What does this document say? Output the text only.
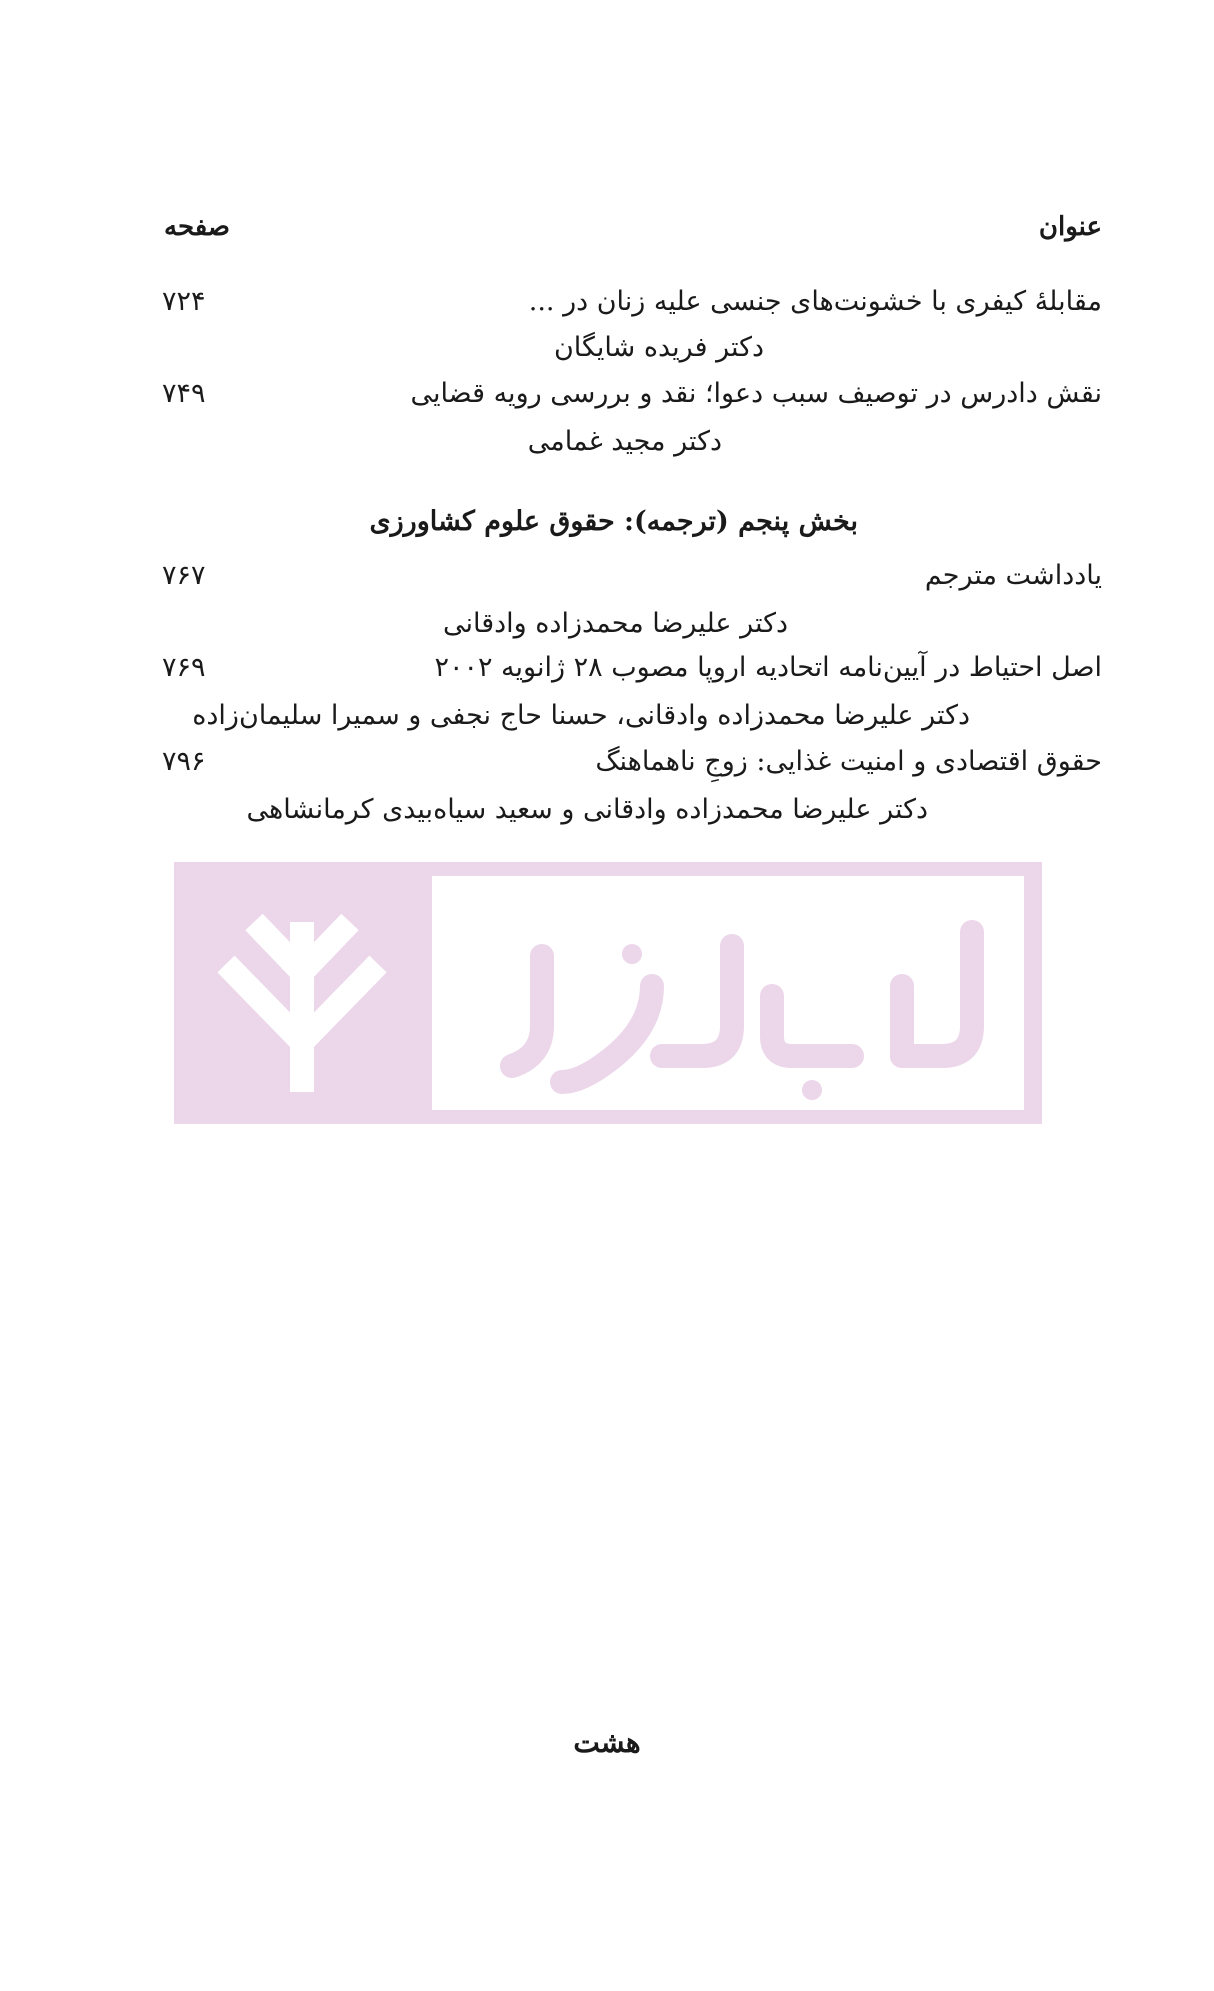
عنوان
صفحه
مقابلۀ کیفری با خشونت‌های جنسی علیه زنان در ...
۷۲۴
دکتر فریده شایگان
نقش دادرس در توصیف سبب دعوا؛ نقد و بررسی رویه قضایی
۷۴۹
دکتر مجید غمامی
بخش پنجم (ترجمه): حقوق علوم کشاورزی
یادداشت مترجم
۷۶۷
دکتر علیرضا محمدزاده وادقانی
اصل احتیاط در آیین‌نامه اتحادیه اروپا مصوب ۲۸ ژانویه ۲۰۰۲
۷۶۹
دکتر علیرضا محمدزاده وادقانی، حسنا حاج نجفی و سمیرا سلیمان‌زاده
حقوق اقتصادی و امنیت غذایی: زوجِ ناهماهنگ
۷۹۶
دکتر علیرضا محمدزاده وادقانی و سعید سیاه‌بیدی کرمانشاهی
هشت
